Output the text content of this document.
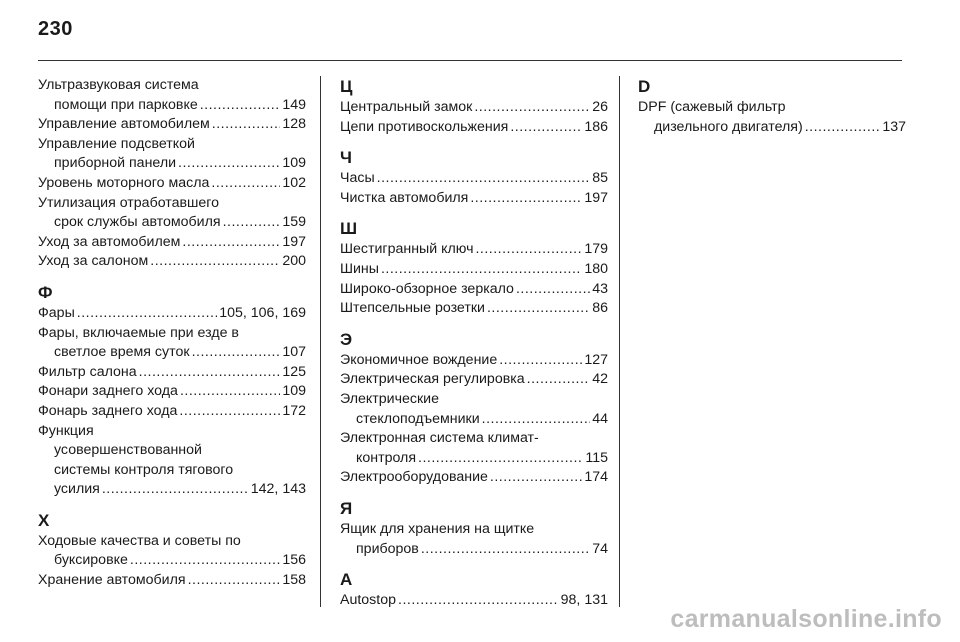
230
Ультразвуковая система
помощи при парковке .....	149
Управление автомобилем .....	128
Управление подсветкой
приборной панели .....	109
Уровень моторного масла .....	102
Утилизация отработавшего
срок службы автомобиля .....	159
Уход за автомобилем .....	197
Уход за салоном .....	200
Ф
Фары .....	105, 106, 169
Фары, включаемые при езде в
светлое время суток .....	107
Фильтр салона .....	125
Фонари заднего хода .....	109
Фонарь заднего хода .....	172
Функция
усовершенствованной
системы контроля тягового
усилия .....	142, 143
Х
Ходовые качества и советы по
буксировке .....	156
Хранение автомобиля .....	158
Ц
Центральный замок .....	26
Цепи противоскольжения .....	186
Ч
Часы .....	85
Чистка автомобиля .....	197
Ш
Шестигранный ключ .....	179
Шины .....	180
Широко-обзорное зеркало .....	43
Штепсельные розетки .....	86
Э
Экономичное вождение .....	127
Электрическая регулировка .....	42
Электрические
стеклоподъемники .....	44
Электронная система климат-
контроля .....	115
Электрооборудование .....	174
Я
Ящик для хранения на щитке
приборов .....	74
A
Autostop .....	98, 131
D
DPF (сажевый фильтр
дизельного двигателя) .....	137
carmanualsonline.info
